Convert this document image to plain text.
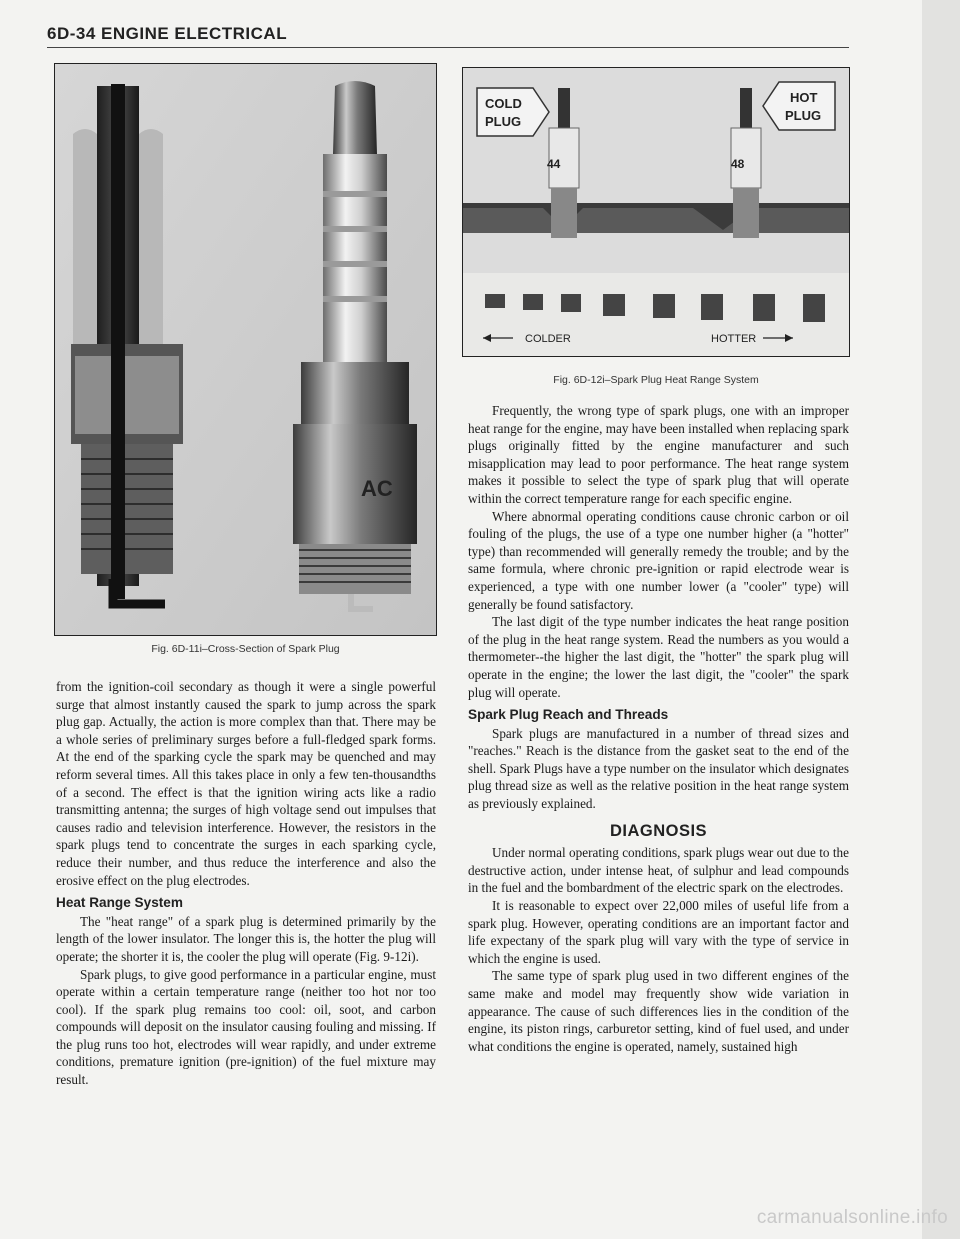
6D-34 ENGINE ELECTRICAL
AC
Fig. 6D-11i–Cross-Section of Spark Plug
44	48
COLD
PLUG
HOT
PLUG
COLDER	HOTTER
Fig. 6D-12i–Spark Plug Heat Range System

from the ignition-coil secondary as though it were a single powerful surge that almost instantly caused the spark to jump across the spark plug gap. Actually, the action is more complex than that. There may be a whole series of preliminary surges before a full-fledged spark forms. At the end of the sparking cycle the spark may be quenched and may reform several times. All this takes place in only a few ten-thousandths of a second. The effect is that the ignition wiring acts like a radio transmitting antenna; the surges of high voltage send out impulses that causes radio and television interference. However, the resistors in the spark plugs tend to concentrate the surges in each sparking cycle, reduce their number, and thus reduce the interference and also the erosive effect on the plug electrodes.

Heat Range System

The "heat range" of a spark plug is determined primarily by the length of the lower insulator. The longer this is, the hotter the plug will operate; the shorter it is, the cooler the plug will operate (Fig. 9-12i).

Spark plugs, to give good performance in a particular engine, must operate within a certain temperature range (neither too hot nor too cool). If the spark plug remains too cool: oil, soot, and carbon compounds will deposit on the insulator causing fouling and missing. If the plug runs too hot, electrodes will wear rapidly, and under extreme conditions, premature ignition (pre-ignition) of the fuel mixture may result.

Frequently, the wrong type of spark plugs, one with an improper heat range for the engine, may have been installed when replacing spark plugs originally fitted by the engine manufacturer and such misapplication may lead to poor performance. The heat range system makes it possible to select the type of spark plug that will operate within the correct temperature range for each specific engine.

Where abnormal operating conditions cause chronic carbon or oil fouling of the plugs, the use of a type one number higher (a "hotter" type) than recommended will generally remedy the trouble; and by the same formula, where chronic pre-ignition or rapid electrode wear is experienced, a type with one number lower (a "cooler" type) will generally be found satisfactory.

The last digit of the type number indicates the heat range position of the plug in the heat range system. Read the numbers as you would a thermometer--the higher the last digit, the "hotter" the spark plug will operate in the engine; the lower the last digit, the "cooler" the spark plug will operate.

Spark Plug Reach and Threads

Spark plugs are manufactured in a number of thread sizes and "reaches." Reach is the distance from the gasket seat to the end of the shell. Spark Plugs have a type number on the insulator which designates plug thread size as well as the relative position in the heat range system as previously explained.

DIAGNOSIS

Under normal operating conditions, spark plugs wear out due to the destructive action, under intense heat, of sulphur and lead compounds in the fuel and the bombardment of the electric spark on the electrodes.

It is reasonable to expect over 22,000 miles of useful life from a spark plug. However, operating conditions are an important factor and life expectany of the spark plug will vary with the type of service in which the engine is used.

The same type of spark plug used in two different engines of the same make and model may frequently show wide variation in appearance. The cause of such differences lies in the condition of the engine, its piston rings, carburetor setting, kind of fuel used, and under what conditions the engine is operated, namely, sustained high

carmanualsonline.info
